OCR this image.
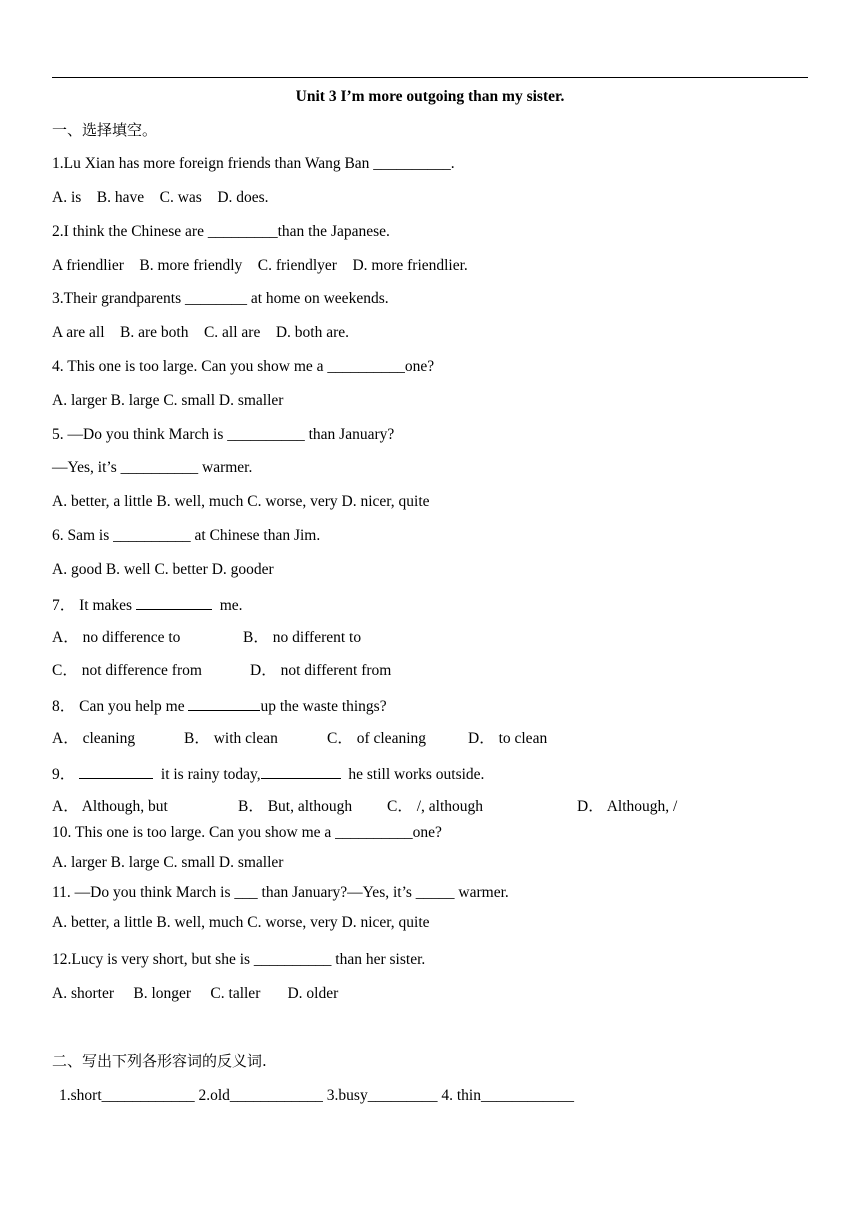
Unit 3 I’m more outgoing than my sister.
一、选择填空。
1.Lu Xian has more foreign friends than Wang Ban __________.
A. is    B. have    C. was    D. does.
2.I think the Chinese are _________than the Japanese.
A friendlier    B. more friendly    C. friendlyer    D. more friendlier.
3.Their grandparents ________ at home on weekends.
A are all    B. are both    C. all are    D. both are.
4. This one is too large. Can you show me a __________one?
A. larger B. large C. small D. smaller
5. —Do you think March is __________ than January?
—Yes, it’s __________ warmer.
A. better, a little B. well, much C. worse, very D. nicer, quite
6. Sam is __________ at Chinese than Jim.
A. good B. well C. better D. gooder
7． It makes	me.
A． no difference to	B． no different to
C． not difference from	D． not different from
8． Can you help me	up the waste things?
A． cleaning	B． with clean	C． of cleaning	D． to clean
9．	it is rainy today,	he still works outside.
A． Although, but	B． But, although C． /, although	D． Although, /
10. This one is too large. Can you show me a __________one?
A. larger B. large C. small D. smaller
11. —Do you think March is ___ than January?—Yes, it’s _____ warmer.
A. better, a little B. well, much C. worse, very D. nicer, quite
12.Lucy is very short, but she is __________ than her sister.
A. shorter     B. longer     C. taller       D. older
二、写出下列各形容词的反义词.
1.short____________ 2.old____________ 3.busy_________ 4. thin____________
